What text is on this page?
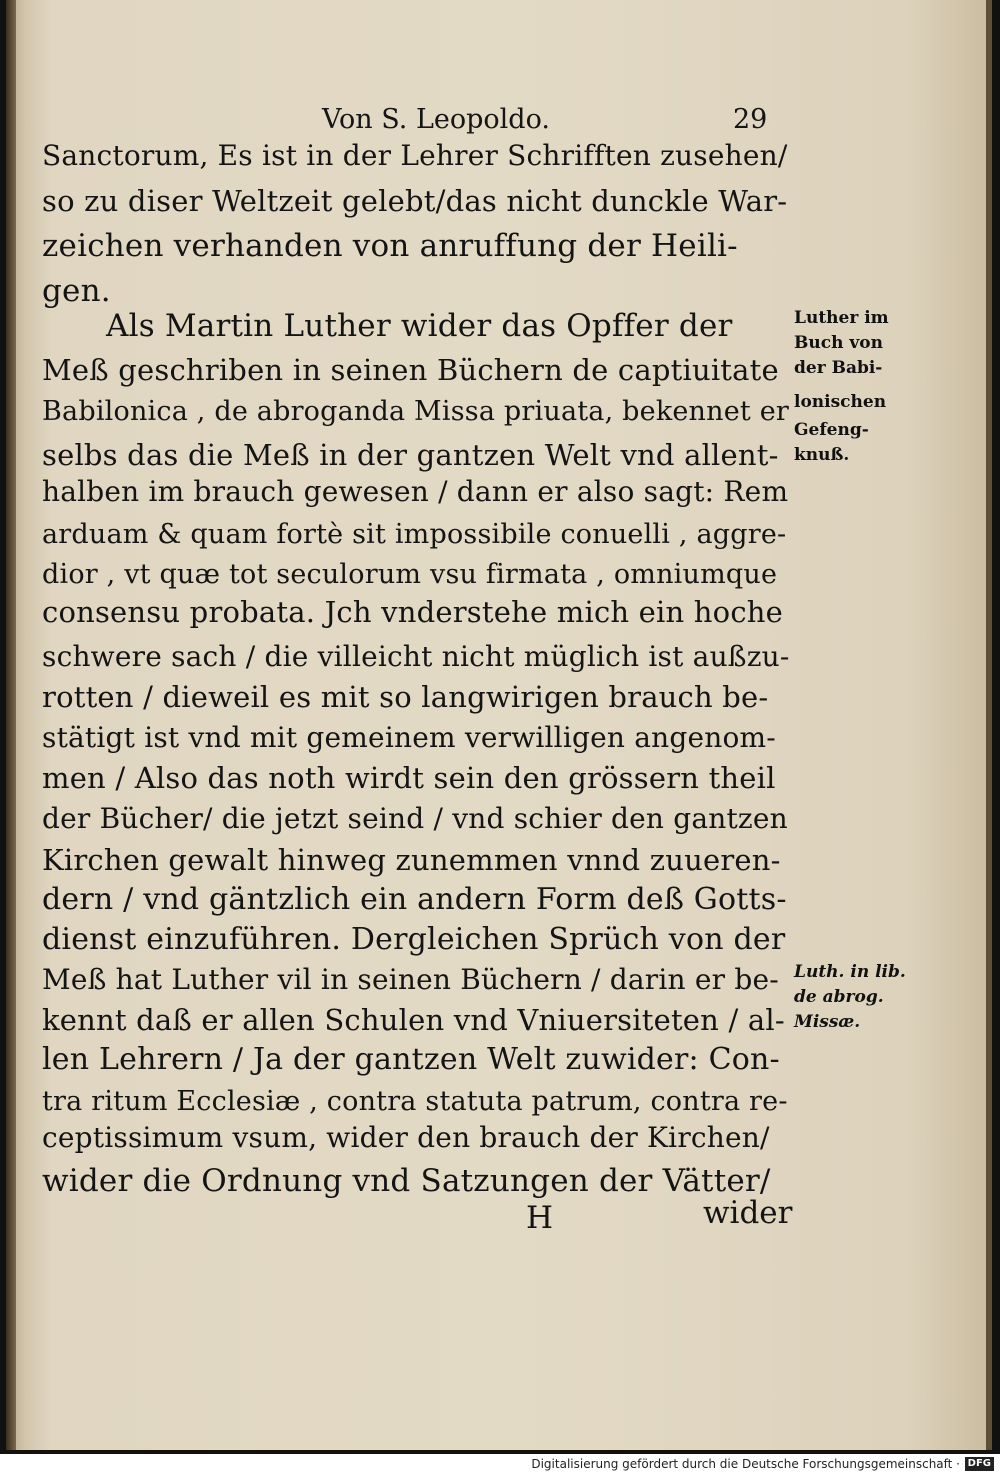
Von S. Leopoldo.	29
Sanctorum, Es ist in der Lehrer Schrifften zusehen/
so zu diser Weltzeit gelebt/das nicht dunckle War-
zeichen verhanden von anruffung der Heili-
gen.
Als Martin Luther wider das Opffer der
Meß geschriben in seinen Büchern de captiuitate
Babilonica , de abroganda Missa priuata, bekennet er
selbs das die Meß in der gantzen Welt vnd allent-
halben im brauch gewesen / dann er also sagt: Rem
arduam & quam fortè sit impossibile conuelli , aggre-
dior , vt quæ tot seculorum vsu firmata , omniumque
consensu probata. Jch vnderstehe mich ein hoche
schwere sach / die villeicht nicht müglich ist außzu-
rotten / dieweil es mit so langwirigen brauch be-
stätigt ist vnd mit gemeinem verwilligen angenom-
men / Also das noth wirdt sein den grössern theil
der Bücher/ die jetzt seind / vnd schier den gantzen
Kirchen gewalt hinweg zunemmen vnnd zuueren-
dern / vnd gäntzlich ein andern Form deß Gotts-
dienst einzuführen. Dergleichen Sprüch von der
Meß hat Luther vil in seinen Büchern / darin er be-
kennt daß er allen Schulen vnd Vniuersiteten / al-
len Lehrern / Ja der gantzen Welt zuwider: Con-
tra ritum Ecclesiæ , contra statuta patrum, contra re-
ceptissimum vsum, wider den brauch der Kirchen/
wider die Ordnung vnd Satzungen der Vätter/
H	wider
Luther im
Buch von
der Babi-
lonischen
Gefeng-
knuß.
Luth. in lib.
de abrog.
Missæ.
Digitalisierung gefördert durch die Deutsche Forschungsgemeinschaft · DFG
